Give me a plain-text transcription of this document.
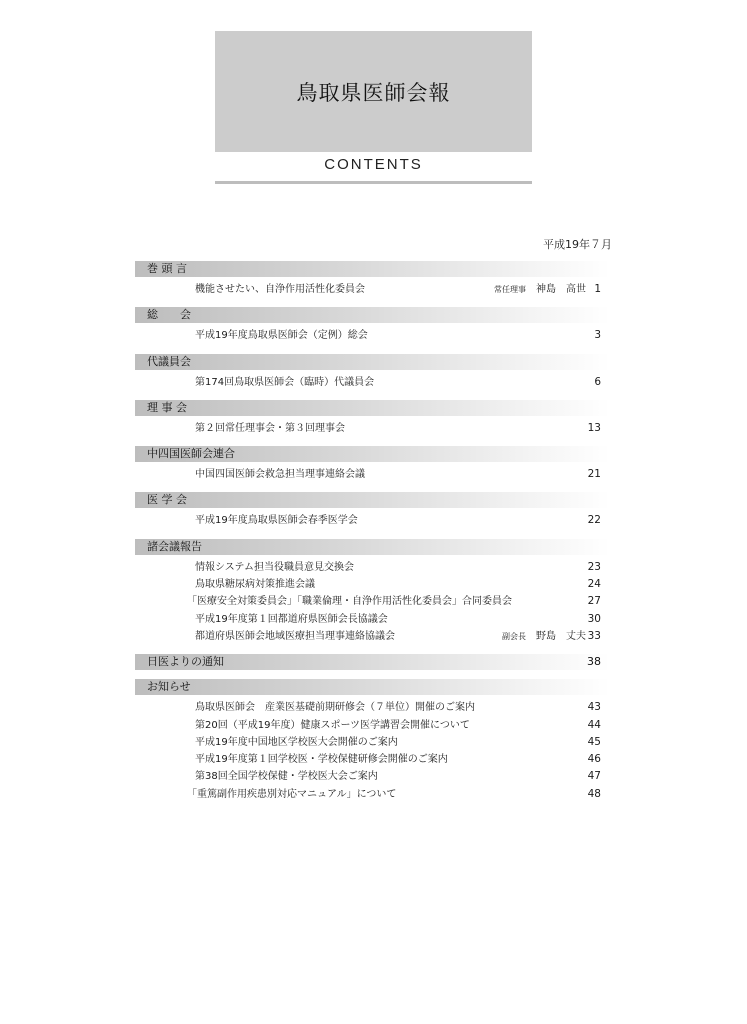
鳥取県医師会報
CONTENTS
平成19年７月
巻 頭 言
機能させたい、自浄作用活性化委員会	常任理事 神島　高世 1
総　　会
平成19年度鳥取県医師会（定例）総会	3
代議員会
第174回鳥取県医師会（臨時）代議員会	6
理 事 会
第２回常任理事会・第３回理事会	13
中四国医師会連合
中国四国医師会救急担当理事連絡会議	21
医 学 会
平成19年度鳥取県医師会春季医学会	22
諸会議報告
情報システム担当役職員意見交換会	23
鳥取県糖尿病対策推進会議	24
「医療安全対策委員会」「職業倫理・自浄作用活性化委員会」合同委員会	27
平成19年度第１回都道府県医師会長協議会	30
都道府県医師会地域医療担当理事連絡協議会	副会長 野島　丈夫 33
日医よりの通知	38
お知らせ
鳥取県医師会　産業医基礎前期研修会（７単位）開催のご案内	43
第20回（平成19年度）健康スポーツ医学講習会開催について	44
平成19年度中国地区学校医大会開催のご案内	45
平成19年度第１回学校医・学校保健研修会開催のご案内	46
第38回全国学校保健・学校医大会ご案内	47
「重篤副作用疾患別対応マニュアル」について	48
